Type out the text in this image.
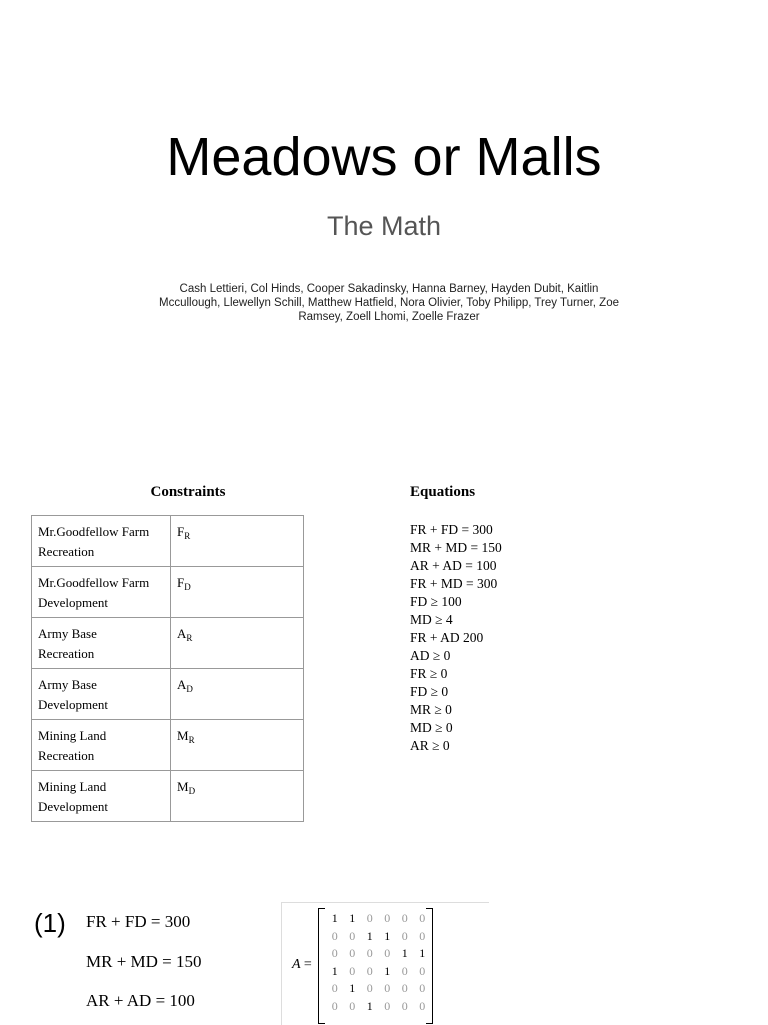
Meadows or Malls
The Math
Cash Lettieri, Col Hinds, Cooper Sakadinsky, Hanna Barney, Hayden Dubit, Kaitlin Mccullough, Llewellyn Schill, Matthew Hatfield, Nora Olivier, Toby Philipp, Trey Turner, Zoe Ramsey, Zoell Lhomi, Zoelle Frazer
Constraints
Mr.Goodfellow Farm
Recreation	$F_R$
Mr.Goodfellow Farm
Development	$F_D$
Army Base
Recreation	$A_R$
Army Base
Development	$A_D$
Mining Land
Recreation	$M_R$
Mining Land
Development	$M_D$
Equations
FR + FD = 300
MR + MD = 150
AR + AD = 100
FR + MD = 300
FD ≥ 100
MD ≥ 4
FR + AD 200
AD ≥ 0
FR ≥ 0
FD ≥ 0
MR ≥ 0
MD ≥ 0
AR ≥ 0
(1) FR + FD = 300
MR + MD = 150
AR + AD = 100
A =
1 1 0 0 0 0
0 0 1 1 0 0
0 0 0 0 1 1
1 0 0 1 0 0
0 1 0 0 0 0
0 0 1 0 0 0
